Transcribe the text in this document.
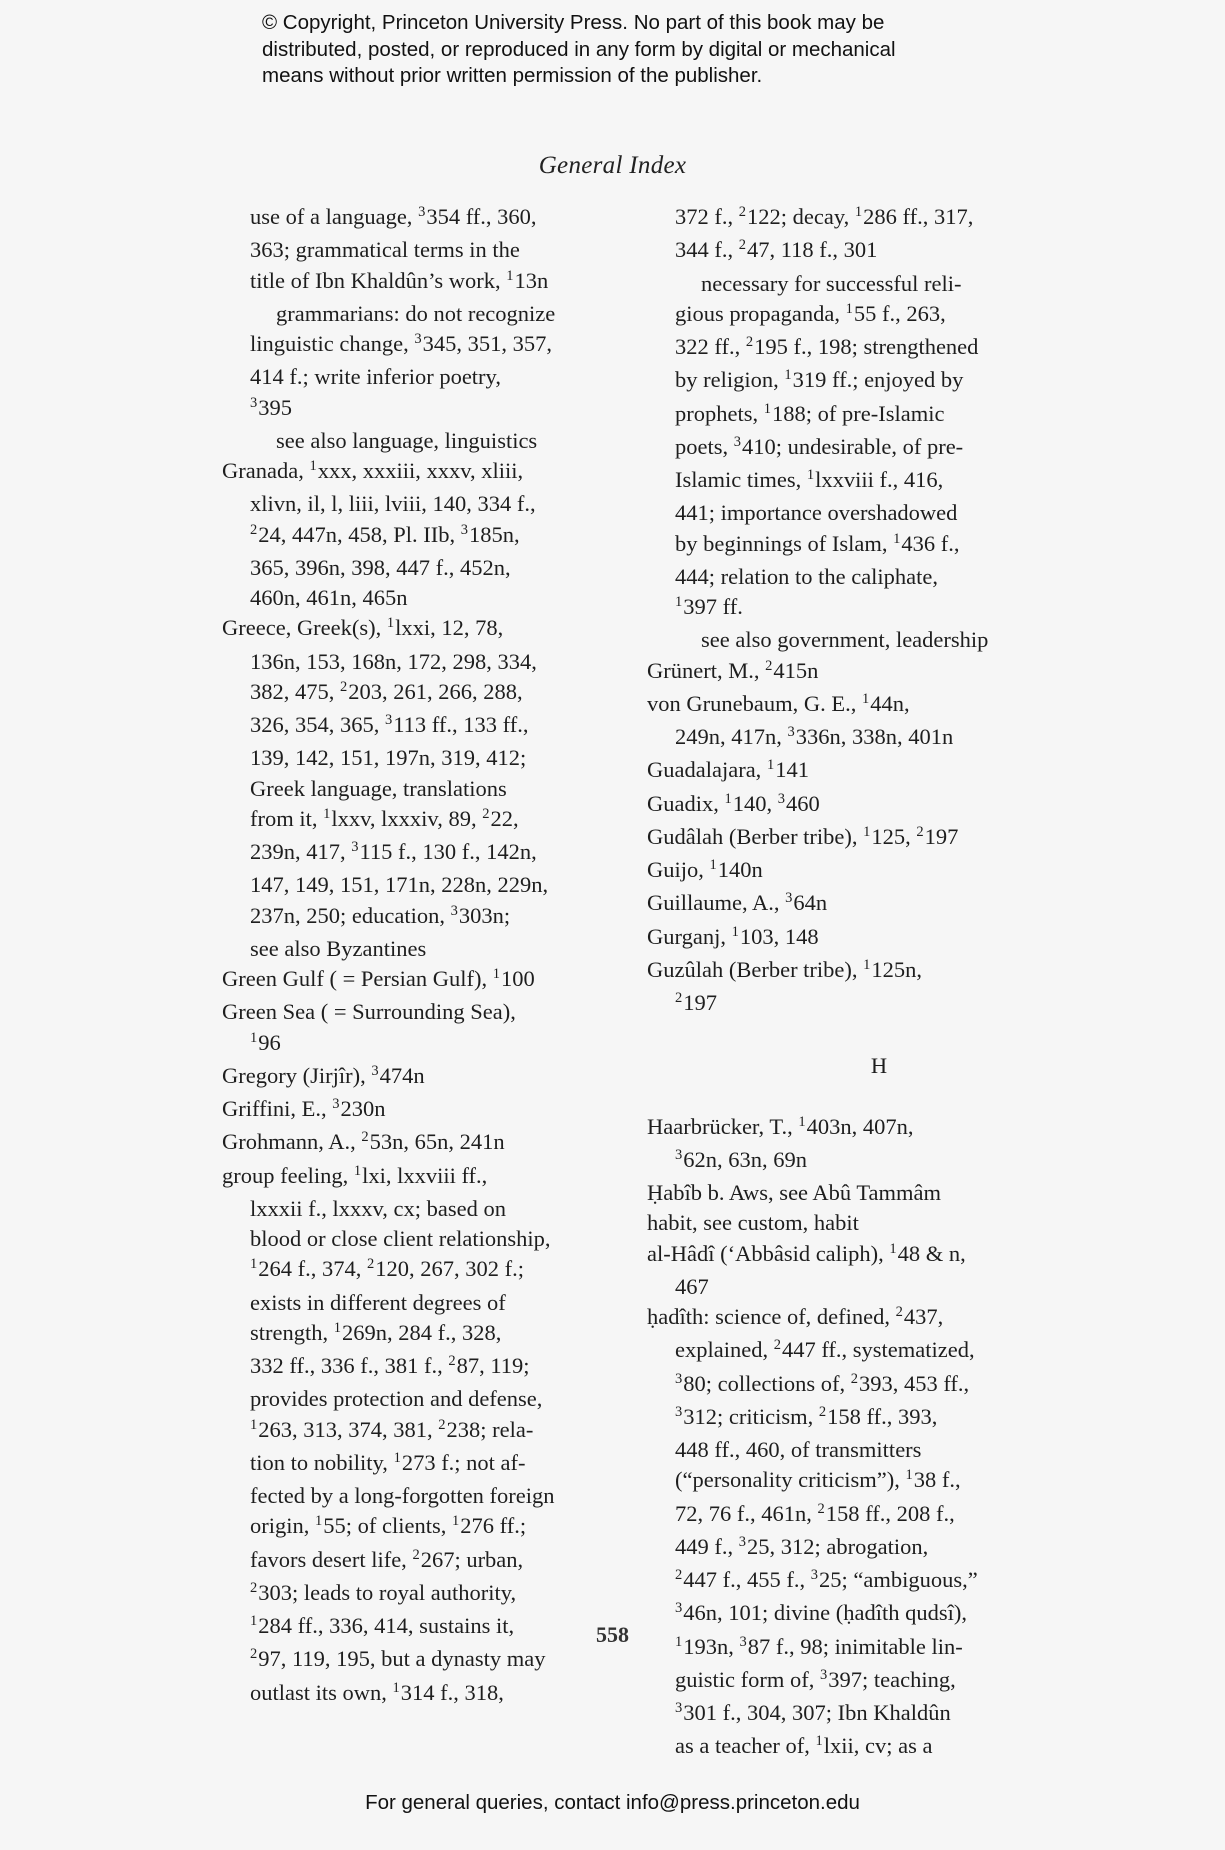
© Copyright, Princeton University Press. No part of this book may be
distributed, posted, or reproduced in any form by digital or mechanical
means without prior written permission of the publisher.
General Index
use of a language, $^3$354 ff., 360,
363; grammatical terms in the
title of Ibn Khaldûn’s work, $^1$13n
grammarians: do not recognize
linguistic change, $^3$345, 351, 357,
414 f.; write inferior poetry,
$^3$395
see also language, linguistics
Granada, $^1$xxx, xxxiii, xxxv, xliii,
xlivn, il, l, liii, lviii, 140, 334 f.,
$^2$24, 447n, 458, Pl. IIb, $^3$185n,
365, 396n, 398, 447 f., 452n,
460n, 461n, 465n
Greece, Greek(s), $^1$lxxi, 12, 78,
136n, 153, 168n, 172, 298, 334,
382, 475, $^2$203, 261, 266, 288,
326, 354, 365, $^3$113 ff., 133 ff.,
139, 142, 151, 197n, 319, 412;
Greek language, translations
from it, $^1$lxxv, lxxxiv, 89, $^2$22,
239n, 417, $^3$115 f., 130 f., 142n,
147, 149, 151, 171n, 228n, 229n,
237n, 250; education, $^3$303n;
see also Byzantines
Green Gulf ( = Persian Gulf), $^1$100
Green Sea ( = Surrounding Sea),
$^1$96
Gregory (Jirjîr), $^3$474n
Griffini, E., $^3$230n
Grohmann, A., $^2$53n, 65n, 241n
group feeling, $^1$lxi, lxxviii ff.,
lxxxii f., lxxxv, cx; based on
blood or close client relationship,
$^1$264 f., 374, $^2$120, 267, 302 f.;
exists in different degrees of
strength, $^1$269n, 284 f., 328,
332 ff., 336 f., 381 f., $^2$87, 119;
provides protection and defense,
$^1$263, 313, 374, 381, $^2$238; rela-
tion to nobility, $^1$273 f.; not af-
fected by a long-forgotten foreign
origin, $^1$55; of clients, $^1$276 ff.;
favors desert life, $^2$267; urban,
$^2$303; leads to royal authority,
$^1$284 ff., 336, 414, sustains it,
$^2$97, 119, 195, but a dynasty may
outlast its own, $^1$314 f., 318,
372 f., $^2$122; decay, $^1$286 ff., 317,
344 f., $^2$47, 118 f., 301
necessary for successful reli-
gious propaganda, $^1$55 f., 263,
322 ff., $^2$195 f., 198; strengthened
by religion, $^1$319 ff.; enjoyed by
prophets, $^1$188; of pre-Islamic
poets, $^3$410; undesirable, of pre-
Islamic times, $^1$lxxviii f., 416,
441; importance overshadowed
by beginnings of Islam, $^1$436 f.,
444; relation to the caliphate,
$^1$397 ff.
see also government, leadership
Grünert, M., $^2$415n
von Grunebaum, G. E., $^1$44n,
249n, 417n, $^3$336n, 338n, 401n
Guadalajara, $^1$141
Guadix, $^1$140, $^3$460
Gudâlah (Berber tribe), $^1$125, $^2$197
Guijo, $^1$140n
Guillaume, A., $^3$64n
Gurganj, $^1$103, 148
Guzûlah (Berber tribe), $^1$125n,
$^2$197
H
Haarbrücker, T., $^1$403n, 407n,
$^3$62n, 63n, 69n
Ḥabîb b. Aws, see Abû Tammâm
habit, see custom, habit
al-Hâdî (‘Abbâsid caliph), $^1$48 & n,
467
ḥadîth: science of, defined, $^2$437,
explained, $^2$447 ff., systematized,
$^3$80; collections of, $^2$393, 453 ff.,
$^3$312; criticism, $^2$158 ff., 393,
448 ff., 460, of transmitters
(“personality criticism”), $^1$38 f.,
72, 76 f., 461n, $^2$158 ff., 208 f.,
449 f., $^3$25, 312; abrogation,
$^2$447 f., 455 f., $^3$25; “ambiguous,”
$^3$46n, 101; divine (ḥadîth qudsî),
$^1$193n, $^3$87 f., 98; inimitable lin-
guistic form of, $^3$397; teaching,
$^3$301 f., 304, 307; Ibn Khaldûn
as a teacher of, $^1$lxii, cv; as a
558
For general queries, contact info@press.princeton.edu
